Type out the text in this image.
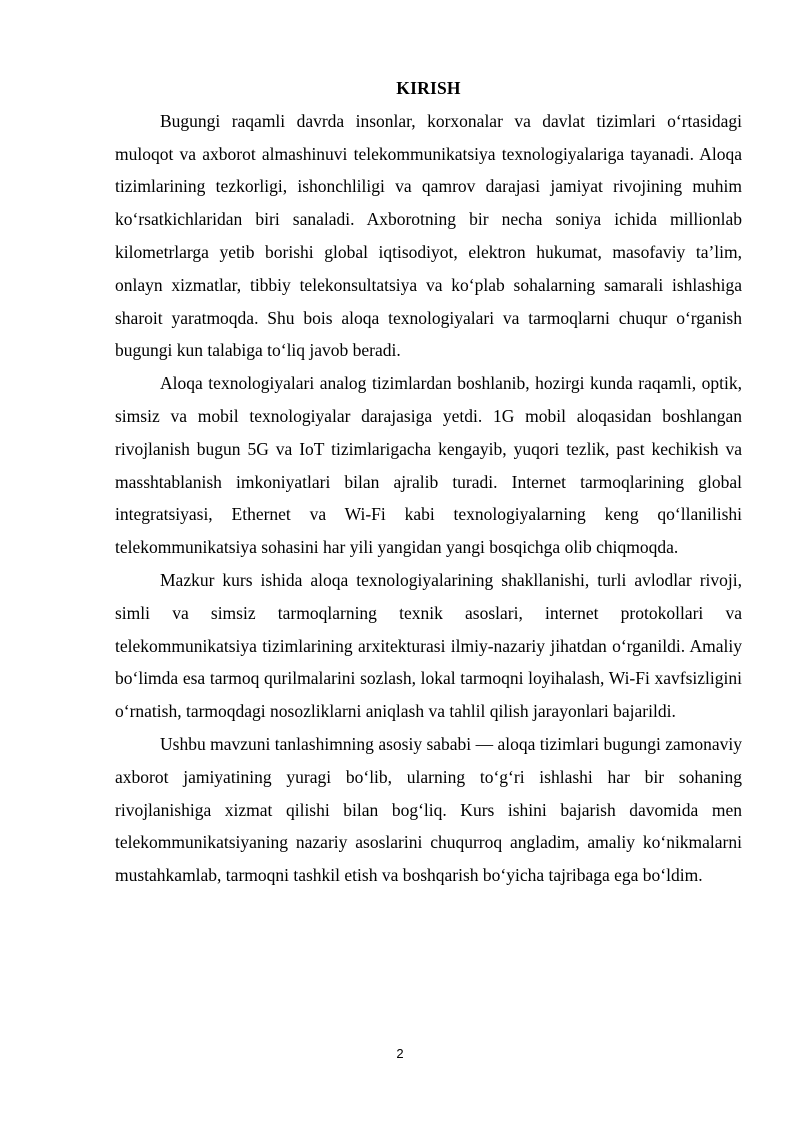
KIRISH

Bugungi raqamli davrda insonlar, korxonalar va davlat tizimlari o‘rtasidagi muloqot va axborot almashinuvi telekommunikatsiya texnologiyalariga tayanadi. Aloqa tizimlarining tezkorligi, ishonchliligi va qamrov darajasi jamiyat rivojining muhim ko‘rsatkichlaridan biri sanaladi. Axborotning bir necha soniya ichida millionlab kilometrlarga yetib borishi global iqtisodiyot, elektron hukumat, masofaviy ta’lim, onlayn xizmatlar, tibbiy telekonsultatsiya va ko‘plab sohalarning samarali ishlashiga sharoit yaratmoqda. Shu bois aloqa texnologiyalari va tarmoqlarni chuqur o‘rganish bugungi kun talabiga to‘liq javob beradi.

Aloqa texnologiyalari analog tizimlardan boshlanib, hozirgi kunda raqamli, optik, simsiz va mobil texnologiyalar darajasiga yetdi. 1G mobil aloqasidan boshlangan rivojlanish bugun 5G va IoT tizimlarigacha kengayib, yuqori tezlik, past kechikish va masshtablanish imkoniyatlari bilan ajralib turadi. Internet tarmoqlarining global integratsiyasi, Ethernet va Wi-Fi kabi texnologiyalarning keng qo‘llanilishi telekommunikatsiya sohasini har yili yangidan yangi bosqichga olib chiqmoqda.

Mazkur kurs ishida aloqa texnologiyalarining shakllanishi, turli avlodlar rivoji, simli va simsiz tarmoqlarning texnik asoslari, internet protokollari va telekommunikatsiya tizimlarining arxitekturasi ilmiy-nazariy jihatdan o‘rganildi. Amaliy bo‘limda esa tarmoq qurilmalarini sozlash, lokal tarmoqni loyihalash, Wi-Fi xavfsizligini o‘rnatish, tarmoqdagi nosozliklarni aniqlash va tahlil qilish jarayonlari bajarildi.

Ushbu mavzuni tanlashimning asosiy sababi — aloqa tizimlari bugungi zamonaviy axborot jamiyatining yuragi bo‘lib, ularning to‘g‘ri ishlashi har bir sohaning rivojlanishiga xizmat qilishi bilan bog‘liq. Kurs ishini bajarish davomida men telekommunikatsiyaning nazariy asoslarini chuqurroq angladim, amaliy ko‘nikmalarni mustahkamlab, tarmoqni tashkil etish va boshqarish bo‘yicha tajribaga ega bo‘ldim.

2
